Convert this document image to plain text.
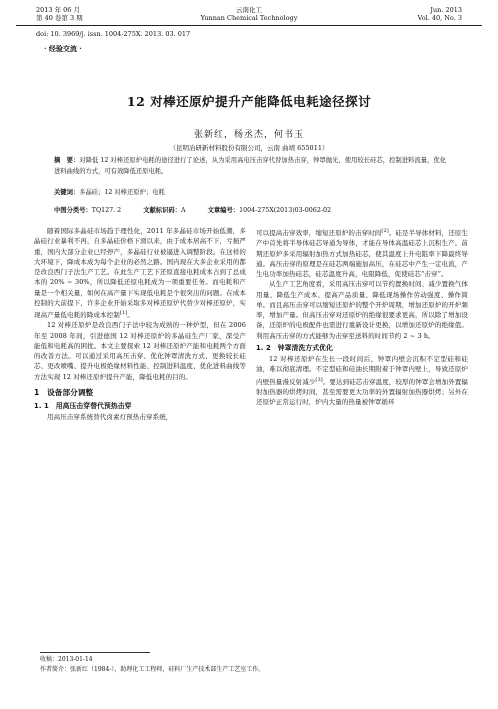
2013 年 06 月
第 40 卷第 3 期
云南化工
Yunnan Chemical Technology
Jun. 2013
Vol. 40, No. 3
doi: 10. 3969/j. issn. 1004-275X. 2013. 03. 017
· 经验交流 ·
12 对棒还原炉提升产能降低电耗途径探讨
张新红，杨丞杰，何书玉
（昆明冶研新材料股份有限公司，云南 曲靖 655011）
摘　要：对降低 12 对棒还原炉电耗的途径进行了论述，从为采用高电压击穿代替加热击穿，钟罩抛光，使用较长硅芯，控制进料流量，优化进料曲线的方式，可有效降低还原电耗。
关键词：多晶硅；12 对棒还原炉；电耗
中图分类号：TQ127. 2	文献标识码：A	文章编号：1004-275X(2013)03-0062-02

随着国际多晶硅市场趋于理性化，2011 年多晶硅市场开始低潮，多晶硅行业暴利不再，自多晶硅价格下滑以来，由于成本居高不下，亏损严重，国内大部分企业已经停产，多晶硅行业被逼进入调整阶段。在这样的大环境下，降成本成为每个企业的必然之路。国内现在大多企业采用的都是改良西门子法生产工艺。在此生产工艺下还原直接电耗成本占到了总成本的 20% ~ 30%，所以降低还原电耗成为一项重要任务。而电耗和产量是一个相关量，如何在高产量下实现低电耗是个很突出的问题。在成本控制的大前提下，许多企业开始采取多对棒还原炉代替少对棒还原炉，实现高产量低电耗的降成本控制[1]。

12 对棒还原炉是改良西门子法中较为成熟的一种炉型，但在 2006 年至 2008 年间，引进德国 12 对棒还原炉的多晶硅生产厂家，深受产能低和电耗高的困扰。本文主要探索 12 对棒还原炉产能和电耗两个方面的改善方法。可以通过采用高压击穿、优化钟罩清洗方式、更换较长硅芯、更改喷嘴、提升电极绝缘材料性能、控制进料温度、优化进料曲线等方法实现 12 对棒还原炉提升产能，降低电耗的目的。

1　设备部分调整
1. 1　用高压击穿替代预热击穿

用高压击穿系统替代卤素灯预热击穿系统，

可以提高击穿效率，缩短还原炉的击穿时间[2]。硅是半导体材料，还原生产中首先将半导体硅芯导通为导体，才能在导体高温硅芯上沉积生产。前期还原炉多采用辐射加热方式加热硅芯，使其温度上升电阻率下降最终导通。高压击穿的原理是在硅芯两端施加高压，在硅芯中产生一定电流，产生电功率加热硅芯，硅芯温度升高，电阻降低，促使硅芯“击穿”。

从生产工艺角度看，采用高压击穿可以节约置换时间、减少置换气体用量、降低生产成本、提高产品质量、降低现场操作劳动强度、操作简单。而且高压击穿可以缩短还原炉的整个开炉周期，增加还原炉的开炉频率，增加产量。但高压击穿对还原炉的绝缘很要求更高，所以除了增加设备，还原炉的电极配件也需进行重新设计更换，以增加还原炉的绝缘值。利用高压击穿的方式能够为击穿至送料的时间节约 2 ~ 3 h。

1. 2　钟罩清洗方式优化

12 对棒还原炉在生长一段时间后，钟罩内壁会沉积不定型硅和硅油，难以彻底清理。不定型硅和硅油长期附着于钟罩内壁上，导致还原炉内壁热量漫反射减少[3]。要达到硅芯击穿温度，较厚的钟罩会增加外置辐射加热器的烘烤时间，甚至需要更大功率的外置辐射加热器烘烤；另外在还原炉正常运行时，炉内大量的热量被钟罩循环

收稿：2013-01-14
作者简介：张新红（1984-），助理化工工程师，硅料厂生产技术部生产工艺室工作。
